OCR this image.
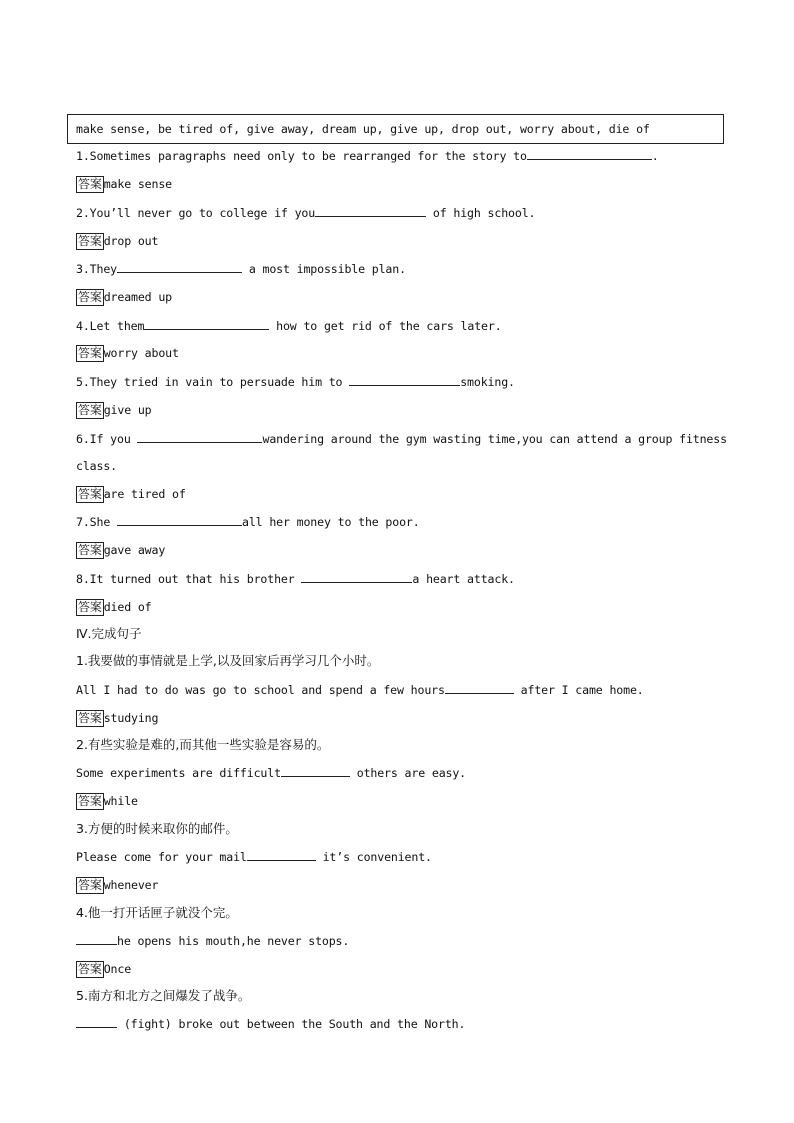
make sense, be tired of, give away, dream up, give up, drop out, worry about, die of
1.Sometimes paragraphs need only to be rearranged for the story to	.
答案 make sense
2.You’ll never go to college if you	of high school.
答案 drop out
3.They	a most impossible plan.
答案 dreamed up
4.Let them	how to get rid of the cars later.
答案 worry about
5.They tried in vain to persuade him to	smoking.
答案 give up
6.If you	wandering around the gym wasting time,you can attend a group fitness
class.
答案 are tired of
7.She	all her money to the poor.
答案 gave away
8.It turned out that his brother	a heart attack.
答案 died of
Ⅳ.完成句子
1.我要做的事情就是上学,以及回家后再学习几个小时。
All I had to do was go to school and spend a few hours	after I came home.
答案 studying
2.有些实验是难的,而其他一些实验是容易的。
Some experiments are difficult	others are easy.
答案 while
3.方便的时候来取你的邮件。
Please come for your mail	it’s convenient.
答案 whenever
4.他一打开话匣子就没个完。
he opens his mouth,he never stops.
答案 Once
5.南方和北方之间爆发了战争。
(fight) broke out between the South and the North.
